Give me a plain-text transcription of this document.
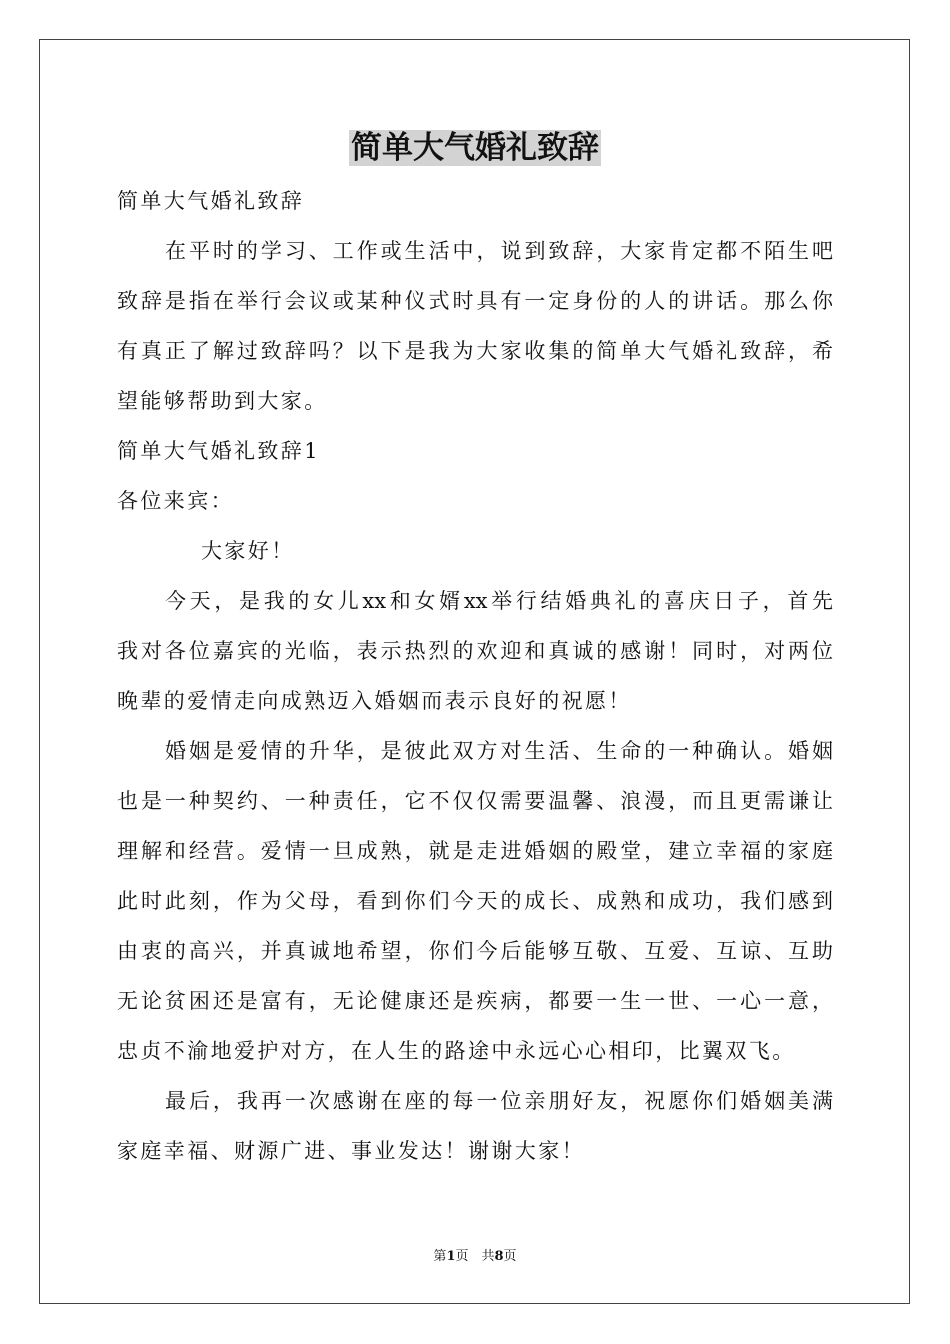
简单大气婚礼致辞

简单大气婚礼致辞

在平时的学习、工作或生活中，说到致辞，大家肯定都不陌生吧

致辞是指在举行会议或某种仪式时具有一定身份的人的讲话。那么你

有真正了解过致辞吗？以下是我为大家收集的简单大气婚礼致辞，希

望能够帮助到大家。

简单大气婚礼致辞1

各位来宾：

大家好！

今天，是我的女儿xx和女婿xx举行结婚典礼的喜庆日子，首先

我对各位嘉宾的光临，表示热烈的欢迎和真诚的感谢！同时，对两位

晚辈的爱情走向成熟迈入婚姻而表示良好的祝愿！

婚姻是爱情的升华，是彼此双方对生活、生命的一种确认。婚姻

也是一种契约、一种责任，它不仅仅需要温馨、浪漫，而且更需谦让

理解和经营。爱情一旦成熟，就是走进婚姻的殿堂，建立幸福的家庭

此时此刻，作为父母，看到你们今天的成长、成熟和成功，我们感到

由衷的高兴，并真诚地希望，你们今后能够互敬、互爱、互谅、互助

无论贫困还是富有，无论健康还是疾病，都要一生一世、一心一意，

忠贞不渝地爱护对方，在人生的路途中永远心心相印，比翼双飞。

最后，我再一次感谢在座的每一位亲朋好友，祝愿你们婚姻美满

家庭幸福、财源广进、事业发达！谢谢大家！

第1页　共8页
